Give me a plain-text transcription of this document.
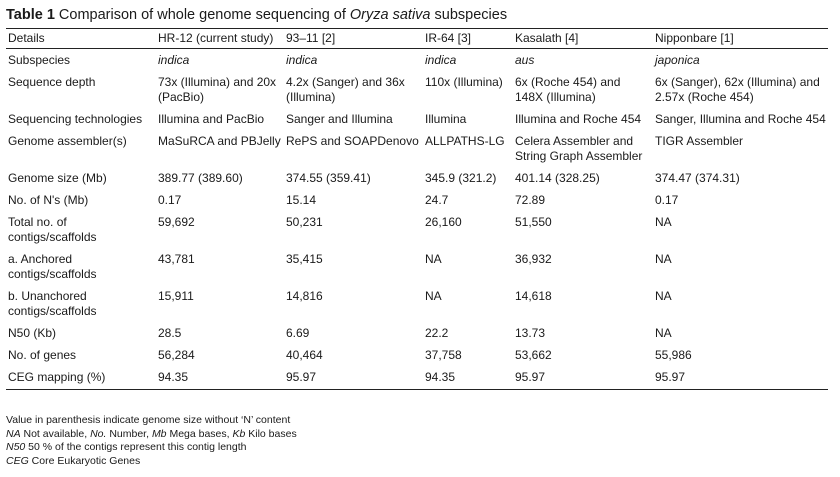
Table 1 Comparison of whole genome sequencing of Oryza sativa subspecies
Details	HR-12 (current study)	93–11 [2]	IR-64 [3]	Kasalath [4]	Nipponbare [1]
Subspecies	indica	indica	indica	aus	japonica
Sequence depth	73x (Illumina) and 20x (PacBio)	4.2x (Sanger) and 36x (Illumina)	110x (Illumina)	6x (Roche 454) and 148X (Illumina)	6x (Sanger), 62x (Illumina) and 2.57x (Roche 454)
Sequencing technologies	Illumina and PacBio	Sanger and Illumina	Illumina	Illumina and Roche 454	Sanger, Illumina and Roche 454
Genome assembler(s)	MaSuRCA and PBJelly	RePS and SOAPDenovo	ALLPATHS-LG	Celera Assembler and String Graph Assembler	TIGR Assembler
Genome size (Mb)	389.77 (389.60)	374.55 (359.41)	345.9 (321.2)	401.14 (328.25)	374.47 (374.31)
No. of N's (Mb)	0.17	15.14	24.7	72.89	0.17
Total no. of contigs/scaffolds	59,692	50,231	26,160	51,550	NA
a. Anchored contigs/scaffolds	43,781	35,415	NA	36,932	NA
b. Unanchored contigs/scaffolds	15,911	14,816	NA	14,618	NA
N50 (Kb)	28.5	6.69	22.2	13.73	NA
No. of genes	56,284	40,464	37,758	53,662	55,986
CEG mapping (%)	94.35	95.97	94.35	95.97	95.97
Value in parenthesis indicate genome size without ‘N’ content
NA Not available, No. Number, Mb Mega bases, Kb Kilo bases
N50 50 % of the contigs represent this contig length
CEG Core Eukaryotic Genes
